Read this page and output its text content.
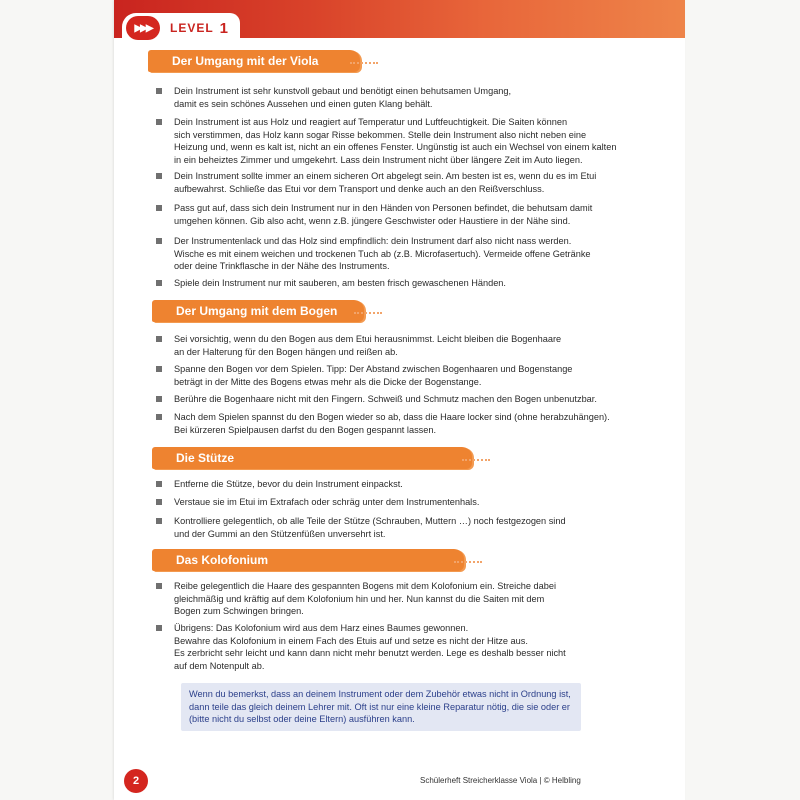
▶▶▶ LEVEL 1
Der Umgang mit der Viola
Dein Instrument ist sehr kunstvoll gebaut und benötigt einen behutsamen Umgang,
damit es sein schönes Aussehen und einen guten Klang behält.
Dein Instrument ist aus Holz und reagiert auf Temperatur und Luftfeuchtigkeit. Die Saiten können
sich verstimmen, das Holz kann sogar Risse bekommen. Stelle dein Instrument also nicht neben eine
Heizung und, wenn es kalt ist, nicht an ein offenes Fenster. Ungünstig ist auch ein Wechsel von einem kalten
in ein beheiztes Zimmer und umgekehrt. Lass dein Instrument nicht über längere Zeit im Auto liegen.
Dein Instrument sollte immer an einem sicheren Ort abgelegt sein. Am besten ist es, wenn du es im Etui
aufbewahrst. Schließe das Etui vor dem Transport und denke auch an den Reißverschluss.
Pass gut auf, dass sich dein Instrument nur in den Händen von Personen befindet, die behutsam damit
umgehen können. Gib also acht, wenn z.B. jüngere Geschwister oder Haustiere in der Nähe sind.
Der Instrumentenlack und das Holz sind empfindlich: dein Instrument darf also nicht nass werden.
Wische es mit einem weichen und trockenen Tuch ab (z.B. Microfasertuch). Vermeide offene Getränke
oder deine Trinkflasche in der Nähe des Instruments.
Spiele dein Instrument nur mit sauberen, am besten frisch gewaschenen Händen.
Der Umgang mit dem Bogen
Sei vorsichtig, wenn du den Bogen aus dem Etui herausnimmst. Leicht bleiben die Bogenhaare
an der Halterung für den Bogen hängen und reißen ab.
Spanne den Bogen vor dem Spielen. Tipp: Der Abstand zwischen Bogenhaaren und Bogenstange
beträgt in der Mitte des Bogens etwas mehr als die Dicke der Bogenstange.
Berühre die Bogenhaare nicht mit den Fingern. Schweiß und Schmutz machen den Bogen unbenutzbar.
Nach dem Spielen spannst du den Bogen wieder so ab, dass die Haare locker sind (ohne herabzuhängen).
Bei kürzeren Spielpausen darfst du den Bogen gespannt lassen.
Die Stütze
Entferne die Stütze, bevor du dein Instrument einpackst.
Verstaue sie im Etui im Extrafach oder schräg unter dem Instrumentenhals.
Kontrolliere gelegentlich, ob alle Teile der Stütze (Schrauben, Muttern …) noch festgezogen sind
und der Gummi an den Stützenfüßen unversehrt ist.
Das Kolofonium
Reibe gelegentlich die Haare des gespannten Bogens mit dem Kolofonium ein. Streiche dabei
gleichmäßig und kräftig auf dem Kolofonium hin und her. Nun kannst du die Saiten mit dem
Bogen zum Schwingen bringen.
Übrigens: Das Kolofonium wird aus dem Harz eines Baumes gewonnen.
Bewahre das Kolofonium in einem Fach des Etuis auf und setze es nicht der Hitze aus.
Es zerbricht sehr leicht und kann dann nicht mehr benutzt werden. Lege es deshalb besser nicht
auf dem Notenpult ab.
Wenn du bemerkst, dass an deinem Instrument oder dem Zubehör etwas nicht in Ordnung ist,
dann teile das gleich deinem Lehrer mit. Oft ist nur eine kleine Reparatur nötig, die sie oder er
(bitte nicht du selbst oder deine Eltern) ausführen kann.
2	Schülerheft Streicherklasse Viola | © Helbling
